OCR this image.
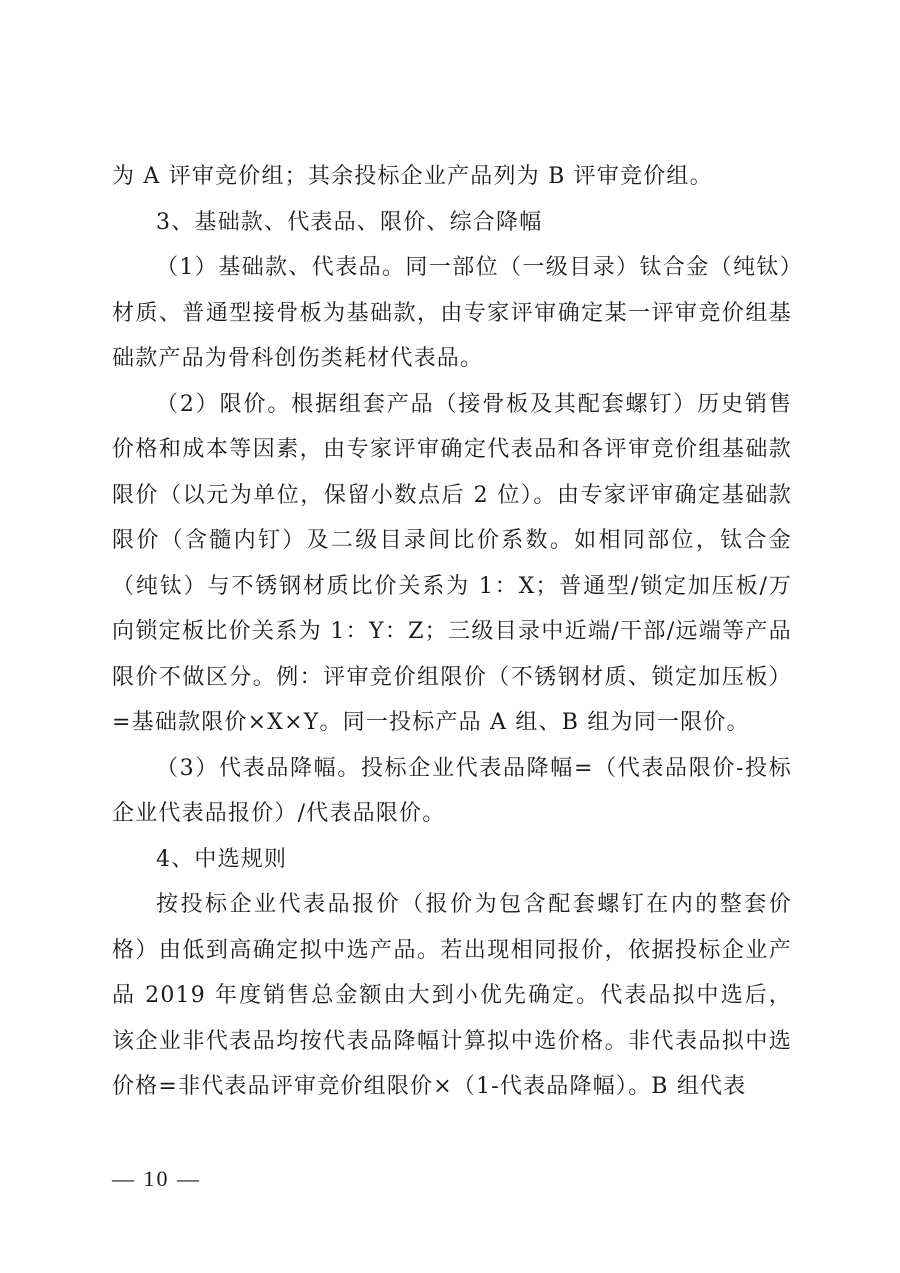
为 A 评审竞价组；其余投标企业产品列为 B 评审竞价组。

3、基础款、代表品、限价、综合降幅

（1）基础款、代表品。同一部位（一级目录）钛合金（纯钛）材质、普通型接骨板为基础款，由专家评审确定某一评审竞价组基础款产品为骨科创伤类耗材代表品。

（2）限价。根据组套产品（接骨板及其配套螺钉）历史销售价格和成本等因素，由专家评审确定代表品和各评审竞价组基础款限价（以元为单位，保留小数点后 2 位）。由专家评审确定基础款限价（含髓内钉）及二级目录间比价系数。如相同部位，钛合金（纯钛）与不锈钢材质比价关系为 1：X；普通型/锁定加压板/万向锁定板比价关系为 1：Y：Z；三级目录中近端/干部/远端等产品限价不做区分。例：评审竞价组限价（不锈钢材质、锁定加压板）=基础款限价×X×Y。同一投标产品 A 组、B 组为同一限价。

（3）代表品降幅。投标企业代表品降幅=（代表品限价-投标企业代表品报价）/代表品限价。

4、中选规则

按投标企业代表品报价（报价为包含配套螺钉在内的整套价格）由低到高确定拟中选产品。若出现相同报价，依据投标企业产品 2019 年度销售总金额由大到小优先确定。代表品拟中选后，该企业非代表品均按代表品降幅计算拟中选价格。非代表品拟中选价格=非代表品评审竞价组限价×（1-代表品降幅）。B 组代表

— 10 —
